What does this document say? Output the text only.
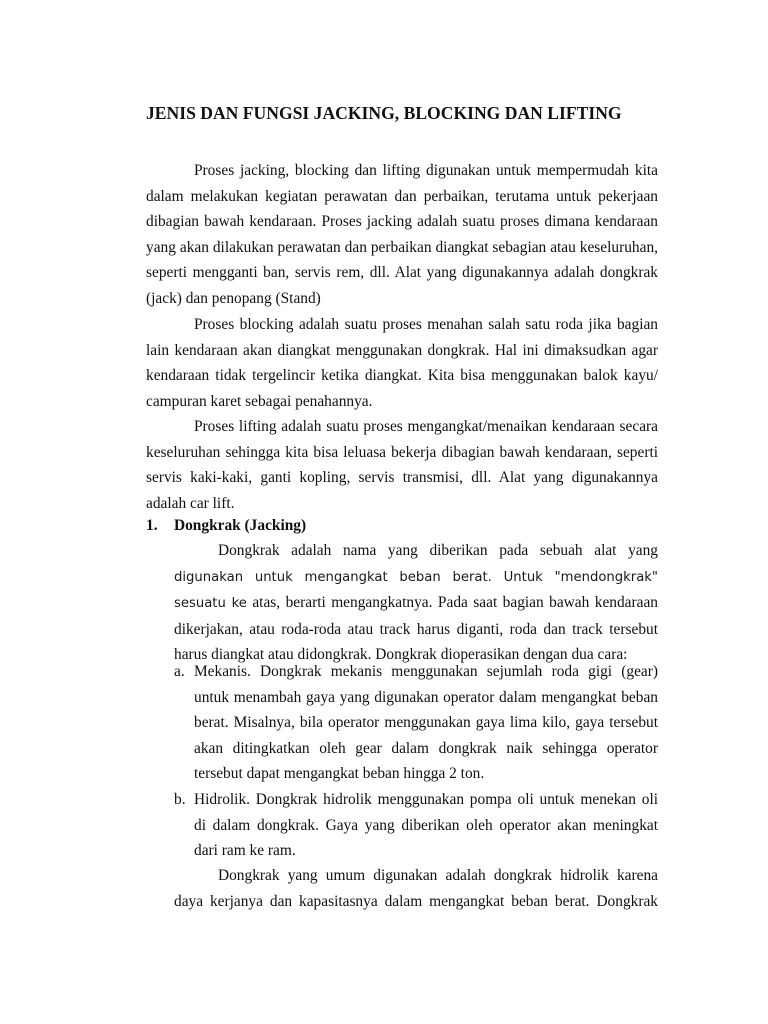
JENIS DAN FUNGSI JACKING, BLOCKING DAN LIFTING

Proses jacking, blocking dan lifting digunakan untuk mempermudah kita dalam melakukan kegiatan perawatan dan perbaikan, terutama untuk pekerjaan dibagian bawah kendaraan. Proses jacking adalah suatu proses dimana kendaraan yang akan dilakukan perawatan dan perbaikan diangkat sebagian atau keseluruhan, seperti mengganti ban, servis rem, dll. Alat yang digunakannya adalah dongkrak (jack) dan penopang (Stand)

Proses blocking adalah suatu proses menahan salah satu roda jika bagian lain kendaraan akan diangkat menggunakan dongkrak. Hal ini dimaksudkan agar kendaraan tidak tergelincir ketika diangkat. Kita bisa menggunakan balok kayu/ campuran karet sebagai penahannya.

Proses lifting adalah suatu proses mengangkat/menaikan kendaraan secara keseluruhan sehingga kita bisa leluasa bekerja dibagian bawah kendaraan, seperti servis kaki-kaki, ganti kopling, servis transmisi, dll. Alat yang digunakannya adalah car lift.

1. Dongkrak (Jacking)

Dongkrak adalah nama yang diberikan pada sebuah alat yang digunakan untuk mengangkat beban berat. Untuk "mendongkrak" sesuatu ke atas, berarti mengangkatnya. Pada saat bagian bawah kendaraan dikerjakan, atau roda-roda atau track harus diganti, roda dan track tersebut harus diangkat atau didongkrak. Dongkrak dioperasikan dengan dua cara:

a. Mekanis. Dongkrak mekanis menggunakan sejumlah roda gigi (gear) untuk menambah gaya yang digunakan operator dalam mengangkat beban berat. Misalnya, bila operator menggunakan gaya lima kilo, gaya tersebut akan ditingkatkan oleh gear dalam dongkrak naik sehingga operator tersebut dapat mengangkat beban hingga 2 ton.
b. Hidrolik. Dongkrak hidrolik menggunakan pompa oli untuk menekan oli di dalam dongkrak. Gaya yang diberikan oleh operator akan meningkat dari ram ke ram.

Dongkrak yang umum digunakan adalah dongkrak hidrolik karena daya kerjanya dan kapasitasnya dalam mengangkat beban berat. Dongkrak
